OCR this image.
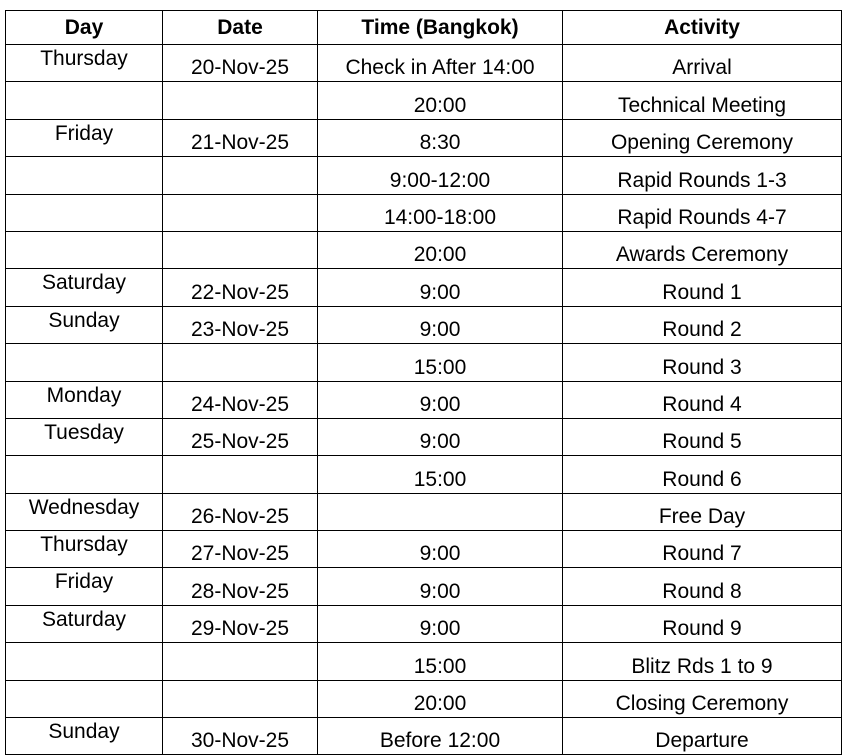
Day	Date	Time (Bangkok)	Activity
Thursday	20-Nov-25	Check in After 14:00	Arrival
		20:00	Technical Meeting
Friday	21-Nov-25	8:30	Opening Ceremony
		9:00-12:00	Rapid Rounds 1-3
		14:00-18:00	Rapid Rounds 4-7
		20:00	Awards Ceremony
Saturday	22-Nov-25	9:00	Round 1
Sunday	23-Nov-25	9:00	Round 2
		15:00	Round 3
Monday	24-Nov-25	9:00	Round 4
Tuesday	25-Nov-25	9:00	Round 5
		15:00	Round 6
Wednesday	26-Nov-25		Free Day
Thursday	27-Nov-25	9:00	Round 7
Friday	28-Nov-25	9:00	Round 8
Saturday	29-Nov-25	9:00	Round 9
		15:00	Blitz Rds 1 to 9
		20:00	Closing Ceremony
Sunday	30-Nov-25	Before 12:00	Departure
